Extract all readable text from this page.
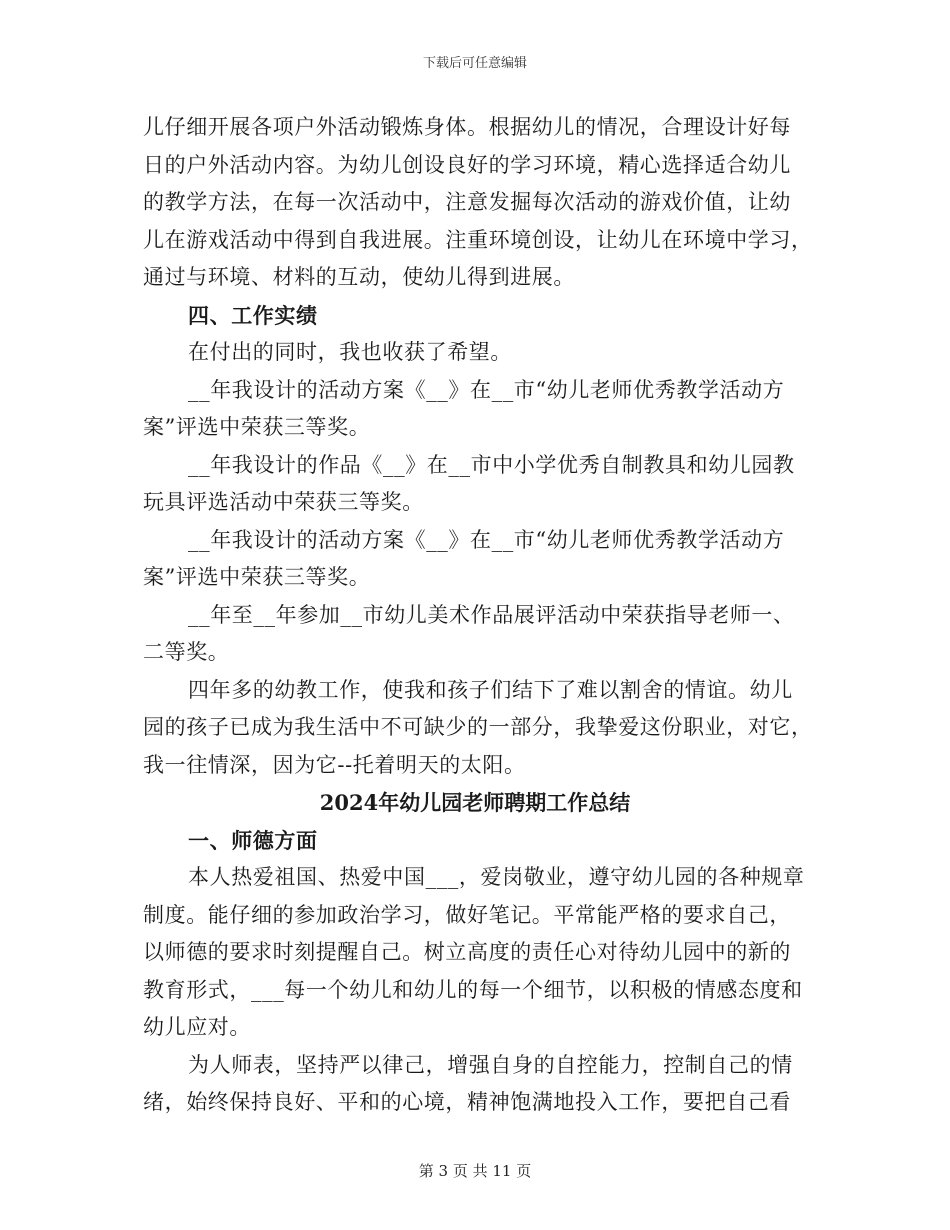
下载后可任意编辑
儿仔细开展各项户外活动锻炼身体。根据幼儿的情况，合理设计好每
日的户外活动内容。为幼儿创设良好的学习环境，精心选择适合幼儿
的教学方法，在每一次活动中，注意发掘每次活动的游戏价值，让幼
儿在游戏活动中得到自我进展。注重环境创设，让幼儿在环境中学习，
通过与环境、材料的互动，使幼儿得到进展。
四、工作实绩
在付出的同时，我也收获了希望。
__年我设计的活动方案《__》在__市“幼儿老师优秀教学活动方
案”评选中荣获三等奖。
__年我设计的作品《__》在__市中小学优秀自制教具和幼儿园教
玩具评选活动中荣获三等奖。
__年我设计的活动方案《__》在__市“幼儿老师优秀教学活动方
案”评选中荣获三等奖。
__年至__年参加__市幼儿美术作品展评活动中荣获指导老师一、
二等奖。
四年多的幼教工作，使我和孩子们结下了难以割舍的情谊。幼儿
园的孩子已成为我生活中不可缺少的一部分，我挚爱这份职业，对它，
我一往情深，因为它--托着明天的太阳。
2024年幼儿园老师聘期工作总结
一、师德方面
本人热爱祖国、热爱中国___，爱岗敬业，遵守幼儿园的各种规章
制度。能仔细的参加政治学习，做好笔记。平常能严格的要求自己，
以师德的要求时刻提醒自己。树立高度的责任心对待幼儿园中的新的
教育形式，___每一个幼儿和幼儿的每一个细节，以积极的情感态度和
幼儿应对。
为人师表，坚持严以律己，增强自身的自控能力，控制自己的情
绪，始终保持良好、平和的心境，精神饱满地投入工作，要把自己看
第 3 页 共 11 页
